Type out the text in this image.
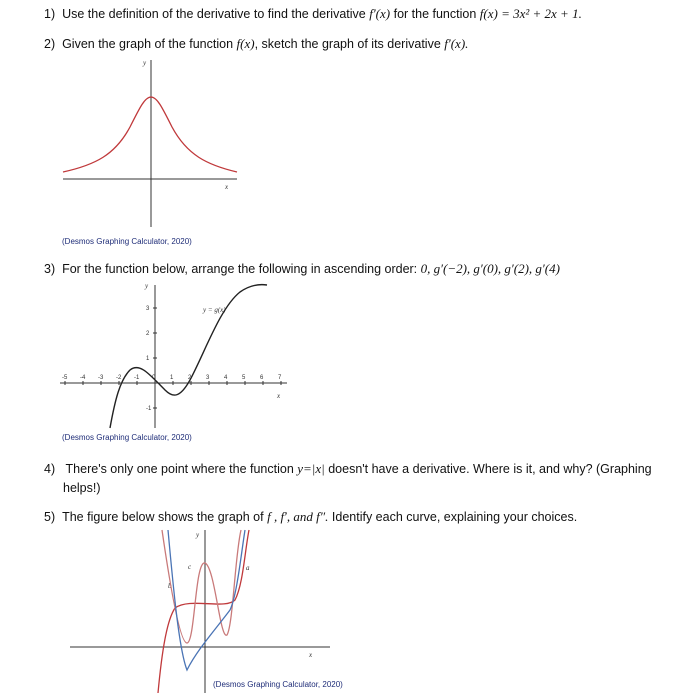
1) Use the definition of the derivative to find the derivative f′(x) for the function f(x) = 3x² + 2x + 1.
2) Given the graph of the function f(x), sketch the graph of its derivative f′(x).
y
x
(Desmos Graphing Calculator, 2020)
3) For the function below, arrange the following in ascending order: 0, g′(−2), g′(0), g′(2), g′(4)
y
x
y = g(x)
-5 -4 -3 -2 -1 0 1 2 3 4 5 6 7
3
2
1
-1
(Desmos Graphing Calculator, 2020)
4) There's only one point where the function y=|x| doesn't have a derivative. Where is it, and why? (Graphing
helps!)
5) The figure below shows the graph of f , f′, and f″. Identify each curve, explaining your choices.
y
x
a
b
c
(Desmos Graphing Calculator, 2020)
